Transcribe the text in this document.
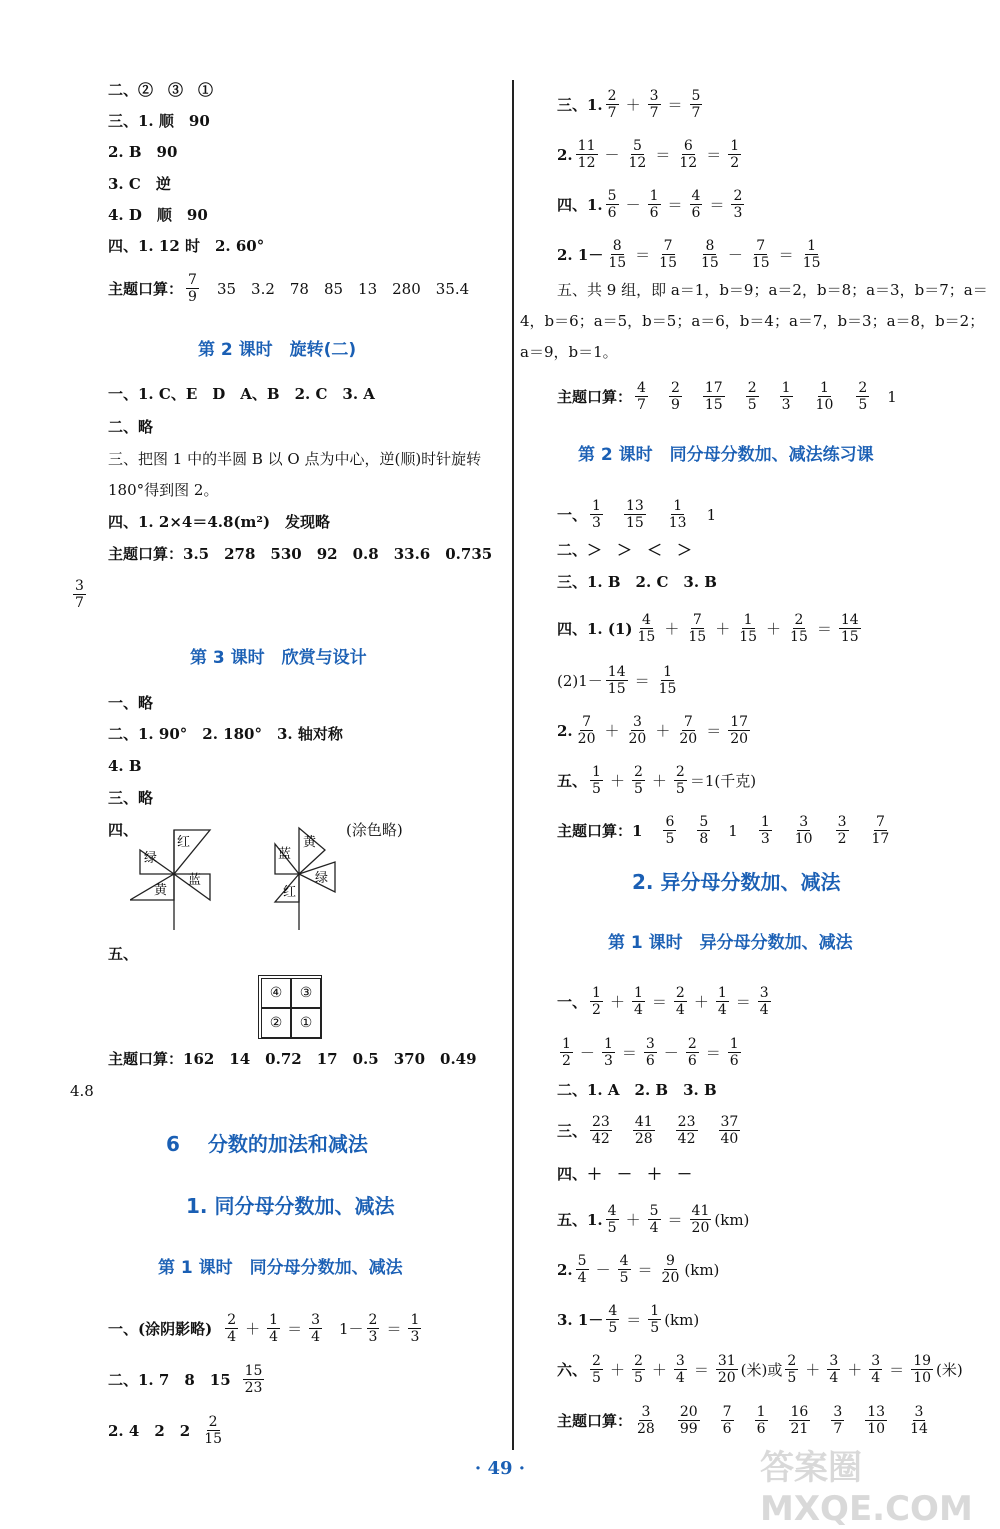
二、②　③　①
三、1. 顺　90
2. B　90
3. C　逆
4. D　顺　90
四、1. 12 时　2. 60°
主题口算： $\frac{7}{9}$ 　35　3.2　78　85　13　280　35.4
第 2 课时　旋转(二)
一、1. C、E　D　A、B　2. C　3. A
二、略
三、把图 1 中的半圆 B 以 O 点为中心，逆(顺)时针旋转
180°得到图 2。
四、1. 2×4＝4.8(m²)　发现略
主题口算：3.5　278　530　92　0.8　33.6　0.735
$\frac{3}{7}$
第 3 课时　欣赏与设计
一、略
二、1. 90°　2. 180°　3. 轴对称
4. B
三、略
四、
绿
红
黄
蓝
蓝
黄
红
绿
(涂色略)
五、
④	③
②	①
主题口算：162　14　0.72　17　0.5　370　0.49
4.8
6 分数的加法和减法
1. 同分母分数加、减法
第 1 课时　同分母分数加、减法
一、(涂阴影略) $\frac{2}{4} + \frac{1}{4} = \frac{3}{4} 1- \frac{2}{3} = \frac{1}{3}$
二、1. 7　8　$15 \frac{15}{23}$
2. 4　2　$2 \frac{2}{15}$
三、1. $\frac{2}{7} + \frac{3}{7} = \frac{5}{7}$
2. $\frac{11}{12} - \frac{5}{12} = \frac{6}{12} = \frac{1}{2}$
四、1. $\frac{5}{6} - \frac{1}{6} = \frac{4}{6} = \frac{2}{3}$
2. $1- \frac{8}{15} = \frac{7}{15} \frac{8}{15} - \frac{7}{15} = \frac{1}{15}$
五、共 9 组，即 a＝1，b＝9；a＝2，b＝8；a＝3，b＝7；a＝
4，b＝6；a＝5，b＝5；a＝6，b＝4；a＝7，b＝3；a＝8，b＝2；
a＝9，b＝1。
主题口算： $\frac{4}{7} \frac{2}{9} \frac{17}{15} \frac{2}{5} \frac{1}{3} \frac{1}{10} \frac{2}{5} 1$
第 2 课时　同分母分数加、减法练习课
一、 $\frac{1}{3} \frac{13}{15} \frac{1}{13} 1$
二、＞　＞　＜　＞
三、1. B　2. C　3. B
四、1. $(1) \frac{4}{15} + \frac{7}{15} + \frac{1}{15} + \frac{2}{15} = \frac{14}{15}$
$(2)1- \frac{14}{15} = \frac{1}{15}$
2. $\frac{7}{20} + \frac{3}{20} + \frac{7}{20} = \frac{17}{20}$
五、 $\frac{1}{5} + \frac{2}{5} + \frac{2}{5} =1$(千克)
主题口算：$1 \frac{6}{5} \frac{5}{8} 1 \frac{1}{3} \frac{3}{10} \frac{3}{2} \frac{7}{17}$
2. 异分母分数加、减法
第 1 课时　异分母分数加、减法
一、 $\frac{1}{2} + \frac{1}{4} = \frac{2}{4} + \frac{1}{4} = \frac{3}{4}$
$\frac{1}{2} - \frac{1}{3} = \frac{3}{6} - \frac{2}{6} = \frac{1}{6}$
二、1. A　2. B　3. B
三、 $\frac{23}{42} \frac{41}{28} \frac{23}{42} \frac{37}{40}$
四、＋　－　＋　－
五、1. $\frac{4}{5} + \frac{5}{4} = \frac{41}{20} (km)$
2. $\frac{5}{4} - \frac{4}{5} = \frac{9}{20} (km)$
3. $1- \frac{4}{5} = \frac{1}{5} (km)$
六、 $\frac{2}{5} + \frac{2}{5} + \frac{3}{4} = \frac{31}{20}$ (米)或 $\frac{2}{5} + \frac{3}{4} + \frac{3}{4} = \frac{19}{10}$ (米)
主题口算： $\frac{3}{28} \frac{20}{99} \frac{7}{6} \frac{1}{6} \frac{16}{21} \frac{3}{7} \frac{13}{10} \frac{3}{14}$
· 49 ·	答案圈 MXQE.COM
